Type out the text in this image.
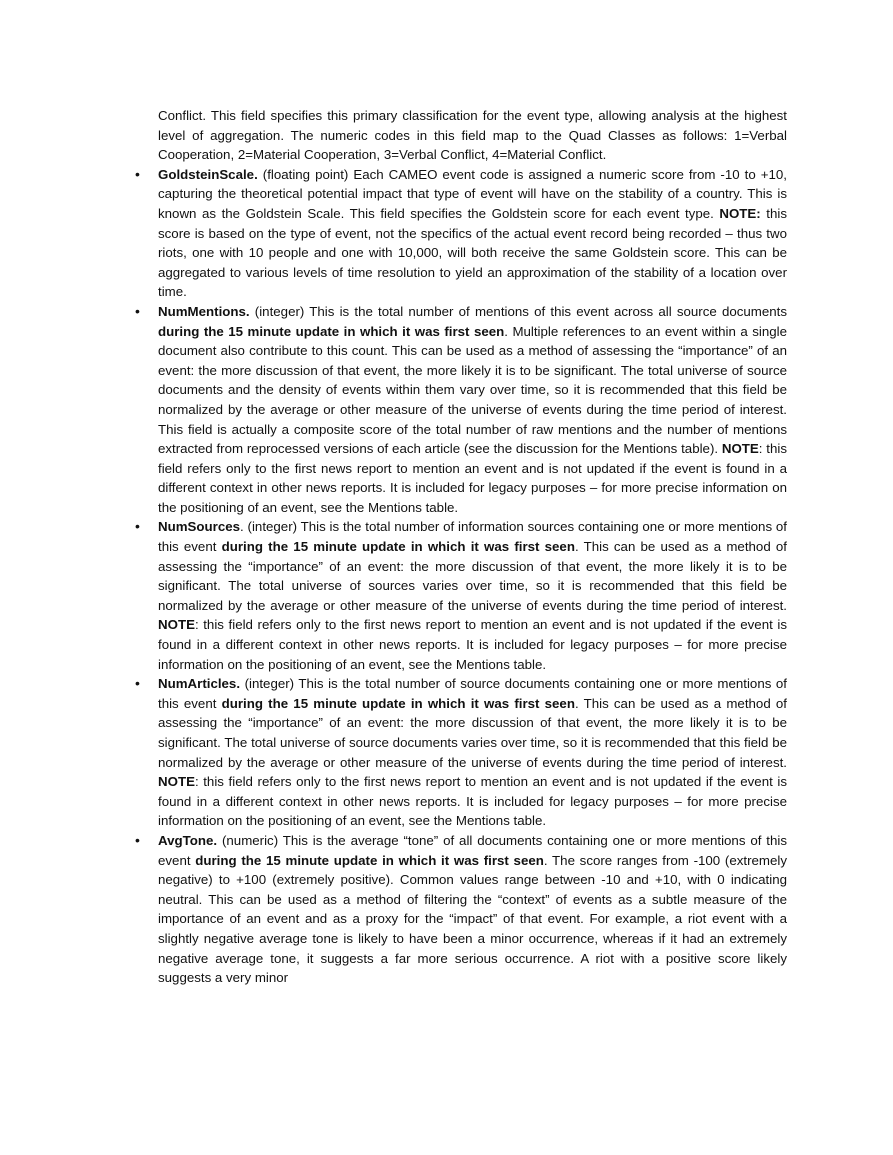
Conflict. This field specifies this primary classification for the event type, allowing analysis at the highest level of aggregation. The numeric codes in this field map to the Quad Classes as follows: 1=Verbal Cooperation, 2=Material Cooperation, 3=Verbal Conflict, 4=Material Conflict.

•	GoldsteinScale. (floating point) Each CAMEO event code is assigned a numeric score from -10 to +10, capturing the theoretical potential impact that type of event will have on the stability of a country. This is known as the Goldstein Scale. This field specifies the Goldstein score for each event type. NOTE: this score is based on the type of event, not the specifics of the actual event record being recorded – thus two riots, one with 10 people and one with 10,000, will both receive the same Goldstein score. This can be aggregated to various levels of time resolution to yield an approximation of the stability of a location over time.
•	NumMentions. (integer) This is the total number of mentions of this event across all source documents during the 15 minute update in which it was first seen. Multiple references to an event within a single document also contribute to this count. This can be used as a method of assessing the “importance” of an event: the more discussion of that event, the more likely it is to be significant. The total universe of source documents and the density of events within them vary over time, so it is recommended that this field be normalized by the average or other measure of the universe of events during the time period of interest. This field is actually a composite score of the total number of raw mentions and the number of mentions extracted from reprocessed versions of each article (see the discussion for the Mentions table). NOTE: this field refers only to the first news report to mention an event and is not updated if the event is found in a different context in other news reports. It is included for legacy purposes – for more precise information on the positioning of an event, see the Mentions table.
•	NumSources. (integer) This is the total number of information sources containing one or more mentions of this event during the 15 minute update in which it was first seen. This can be used as a method of assessing the “importance” of an event: the more discussion of that event, the more likely it is to be significant. The total universe of sources varies over time, so it is recommended that this field be normalized by the average or other measure of the universe of events during the time period of interest. NOTE: this field refers only to the first news report to mention an event and is not updated if the event is found in a different context in other news reports. It is included for legacy purposes – for more precise information on the positioning of an event, see the Mentions table.
•	NumArticles. (integer) This is the total number of source documents containing one or more mentions of this event during the 15 minute update in which it was first seen. This can be used as a method of assessing the “importance” of an event: the more discussion of that event, the more likely it is to be significant. The total universe of source documents varies over time, so it is recommended that this field be normalized by the average or other measure of the universe of events during the time period of interest. NOTE: this field refers only to the first news report to mention an event and is not updated if the event is found in a different context in other news reports. It is included for legacy purposes – for more precise information on the positioning of an event, see the Mentions table.
•	AvgTone. (numeric) This is the average “tone” of all documents containing one or more mentions of this event during the 15 minute update in which it was first seen. The score ranges from -100 (extremely negative) to +100 (extremely positive). Common values range between -10 and +10, with 0 indicating neutral. This can be used as a method of filtering the “context” of events as a subtle measure of the importance of an event and as a proxy for the “impact” of that event. For example, a riot event with a slightly negative average tone is likely to have been a minor occurrence, whereas if it had an extremely negative average tone, it suggests a far more serious occurrence. A riot with a positive score likely suggests a very minor
